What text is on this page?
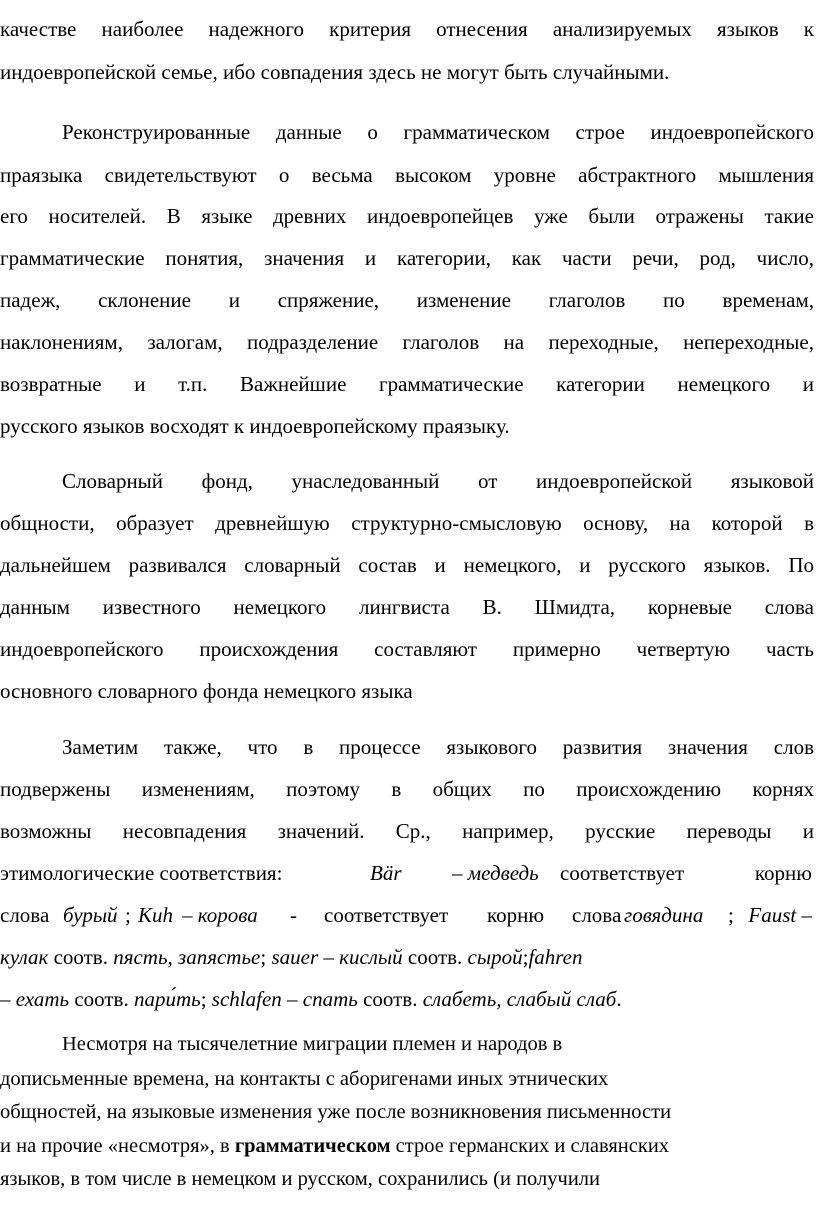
качестве наиболее надежного критерия отнесения анализируемых языков к
индоевропейской семье, ибо совпадения здесь не могут быть случайными.
Реконструированные данные о грамматическом строе индоевропейского
праязыка свидетельствуют о весьма высоком уровне абстрактного мышления
его носителей. В языке древних индоевропейцев уже были отражены такие
грамматические понятия, значения и категории, как части речи, род, число,
падеж, склонение и спряжение, изменение глаголов по временам,
наклонениям, залогам, подразделение глаголов на переходные, непереходные,
возвратные и т.п. Важнейшие грамматические категории немецкого и
русского языков восходят к индоевропейскому праязыку.
Словарный фонд, унаследованный от индоевропейской языковой
общности, образует древнейшую структурно-смысловую основу, на которой в
дальнейшем развивался словарный состав и немецкого, и русского языков. По
данным известного немецкого лингвиста В. Шмидта, корневые слова
индоевропейского происхождения составляют примерно четвертую часть
основного словарного фонда немецкого языка
Заметим также, что в процессе языкового развития значения слов
подвержены изменениям, поэтому в общих по происхождению корнях
возможны несовпадения значений. Ср., например, русские переводы и
этимологические соответствия:	Bär – медведь соответствует	корню
слова бурый ; Kuh – корова - соответствует корню слова говядина ; Faust –
кулак соотв. пясть, запястье; sauer – кислый соотв. сырой;fahren
– ехать соотв. пари́ть; schlafen – спать соотв. слабеть, слабый слаб.
Несмотря на тысячелетние миграции племен и народов в
дописьменные времена, на контакты с аборигенами иных этнических
общностей, на языковые изменения уже после возникновения письменности
и на прочие «несмотря», в грамматическом строе германских и славянских
языков, в том числе в немецком и русском, сохранились (и получили
